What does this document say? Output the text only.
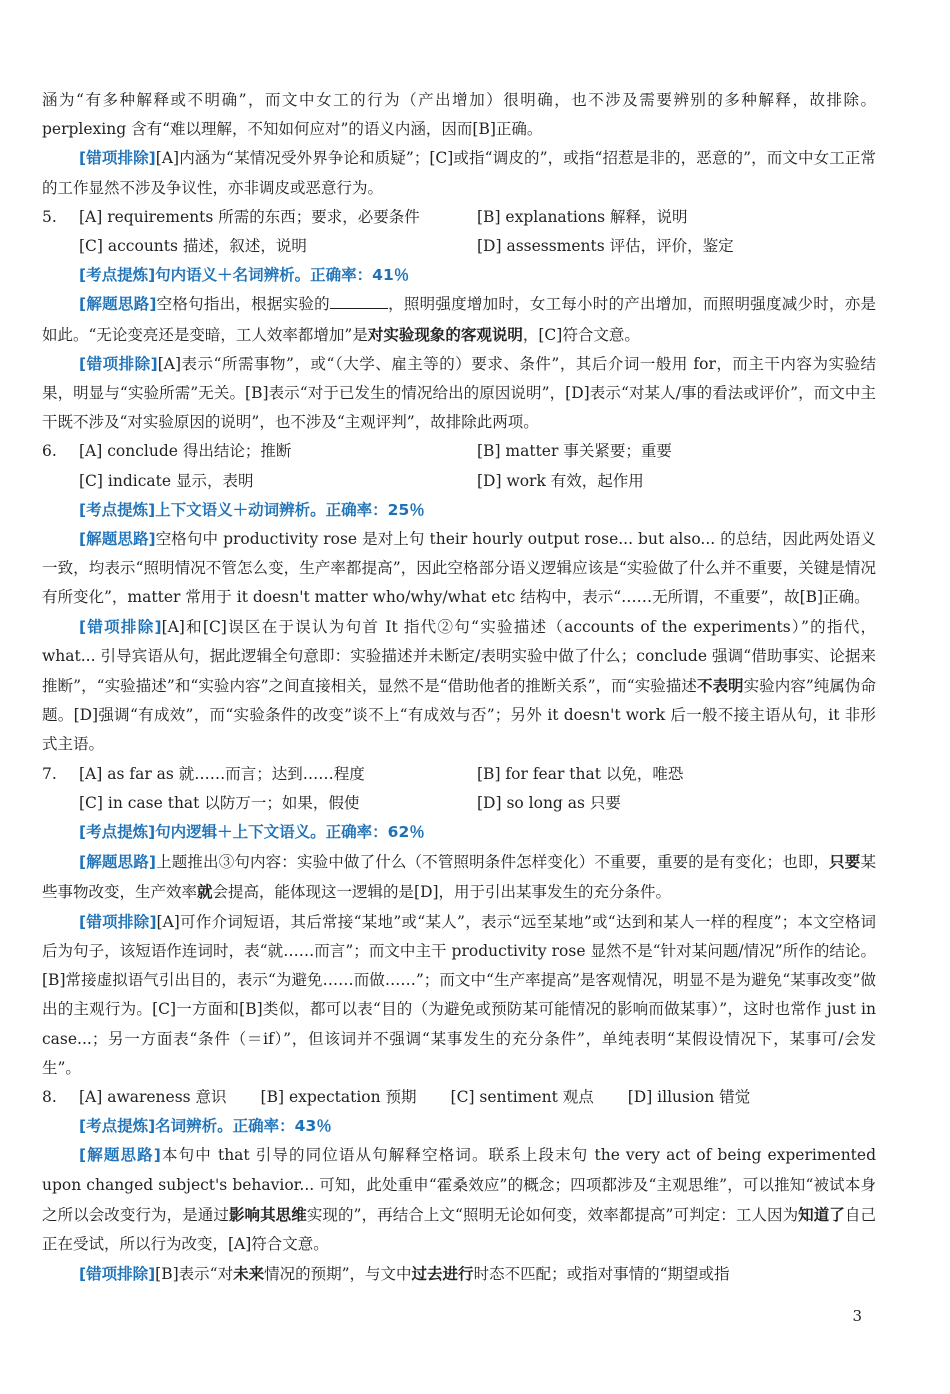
涵为“有多种解释或不明确”，而文中女工的行为（产出增加）很明确，也不涉及需要辨别的多种解释，故排除。perplexing 含有“难以理解，不知如何应对”的语义内涵，因而[B]正确。

[错项排除][A]内涵为“某情况受外界争论和质疑”；[C]或指“调皮的”，或指“招惹是非的，恶意的”，而文中女工正常的工作显然不涉及争议性，亦非调皮或恶意行为。

5.	[A] requirements 所需的东西；要求，必要条件	[B] explanations 解释，说明
[C] accounts 描述，叙述，说明	[D] assessments 评估，评价，鉴定

[考点提炼]句内语义＋名词辨析。正确率：41％

[解题思路]空格句指出，根据实验的	，照明强度增加时，女工每小时的产出增加，而照明强度减少时，亦是如此。“无论变亮还是变暗，工人效率都增加”是对实验现象的客观说明，[C]符合文意。

[错项排除][A]表示“所需事物”，或“（大学、雇主等的）要求、条件”，其后介词一般用 for，而主干内容为实验结果，明显与“实验所需”无关。[B]表示“对于已发生的情况给出的原因说明”，[D]表示“对某人/事的看法或评价”，而文中主干既不涉及“对实验原因的说明”，也不涉及“主观评判”，故排除此两项。

6.	[A] conclude 得出结论；推断	[B] matter 事关紧要；重要
[C] indicate 显示，表明	[D] work 有效，起作用

[考点提炼]上下文语义＋动词辨析。正确率：25％

[解题思路]空格句中 productivity rose 是对上句 their hourly output rose... but also... 的总结，因此两处语义一致，均表示“照明情况不管怎么变，生产率都提高”，因此空格部分语义逻辑应该是“实验做了什么并不重要，关键是情况有所变化”，matter 常用于 it doesn't matter who/why/what etc 结构中，表示“……无所谓，不重要”，故[B]正确。

[错项排除][A]和[C]误区在于误认为句首 It 指代②句“实验描述（accounts of the experiments）”的指代，what... 引导宾语从句，据此逻辑全句意即：实验描述并未断定/表明实验中做了什么；conclude 强调“借助事实、论据来推断”，“实验描述”和“实验内容”之间直接相关，显然不是“借助他者的推断关系”，而“实验描述不表明实验内容”纯属伪命题。[D]强调“有成效”，而“实验条件的改变”谈不上“有成效与否”；另外 it doesn't work 后一般不接主语从句，it 非形式主语。

7.	[A] as far as 就……而言；达到……程度	[B] for fear that 以免，唯恐
[C] in case that 以防万一；如果，假使	[D] so long as 只要

[考点提炼]句内逻辑＋上下文语义。正确率：62％

[解题思路]上题推出③句内容：实验中做了什么（不管照明条件怎样变化）不重要，重要的是有变化；也即，只要某些事物改变，生产效率就会提高，能体现这一逻辑的是[D]，用于引出某事发生的充分条件。

[错项排除][A]可作介词短语，其后常接“某地”或“某人”，表示“远至某地”或“达到和某人一样的程度”；本文空格词后为句子，该短语作连词时，表“就……而言”；而文中主干 productivity rose 显然不是“针对某问题/情况”所作的结论。[B]常接虚拟语气引出目的，表示“为避免……而做……”；而文中“生产率提高”是客观情况，明显不是为避免“某事改变”做出的主观行为。[C]一方面和[B]类似，都可以表“目的（为避免或预防某可能情况的影响而做某事）”，这时也常作 just in case...；另一方面表“条件（＝if）”，但该词并不强调“某事发生的充分条件”，单纯表明“某假设情况下，某事可/会发生”。

8.	[A] awareness 意识 [B] expectation 预期 [C] sentiment 观点 [D] illusion 错觉

[考点提炼]名词辨析。正确率：43％

[解题思路]本句中 that 引导的同位语从句解释空格词。联系上段末句 the very act of being experimented upon changed subject's behavior... 可知，此处重申“霍桑效应”的概念；四项都涉及“主观思维”，可以推知“被试本身之所以会改变行为，是通过影响其思维实现的”，再结合上文“照明无论如何变，效率都提高”可判定：工人因为知道了自己正在受试，所以行为改变，[A]符合文意。

[错项排除][B]表示“对未来情况的预期”，与文中过去进行时态不匹配；或指对事情的“期望或指

3
